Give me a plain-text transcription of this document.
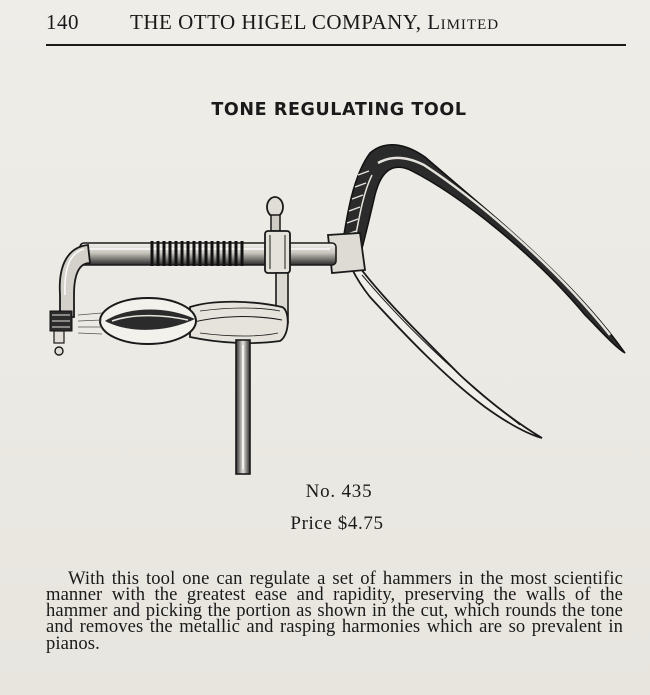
140 THE OTTO HIGEL COMPANY, Limited
TONE REGULATING TOOL
No. 435
Price $4.75

With this tool one can regulate a set of hammers in the most scientific manner with the greatest ease and rapidity, preserving the walls of the hammer and picking the portion as shown in the cut, which rounds the tone and removes the metallic and rasping harmonies which are so prevalent in pianos.
